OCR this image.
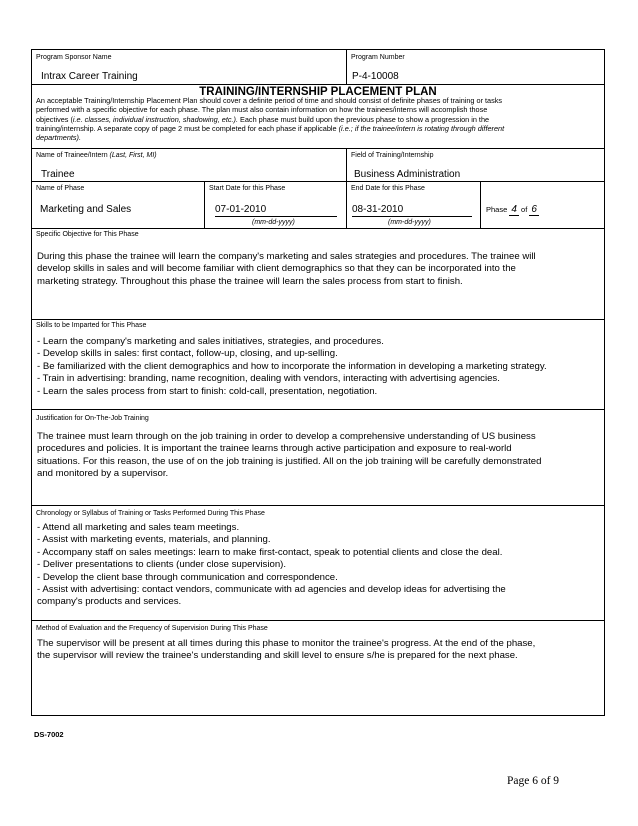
Program Sponsor Name
Intrax Career Training
Program Number
P-4-10008
TRAINING/INTERNSHIP PLACEMENT PLAN
An acceptable Training/Internship Placement Plan should cover a definite period of time and should consist of definite phases of training or tasks
performed with a specific objective for each phase. The plan must also contain information on how the trainees/interns will accomplish those
objectives (i.e. classes, individual instruction, shadowing, etc.). Each phase must build upon the previous phase to show a progression in the
training/internship. A separate copy of page 2 must be completed for each phase if applicable (i.e.; if the trainee/intern is rotating through different
departments).
Name of Trainee/Intern (Last, First, MI)
Trainee
Field of Training/Internship
Business Administration
Name of Phase
Marketing and Sales
Start Date for this Phase
07-01-2010
(mm-dd-yyyy)
End Date for this Phase
08-31-2010
(mm-dd-yyyy)
Phase 4 of 6
Specific Objective for This Phase
During this phase the trainee will learn the company's marketing and sales strategies and procedures. The trainee will
develop skills in sales and will become familiar with client demographics so that they can be incorporated into the
marketing strategy. Throughout this phase the trainee will learn the sales process from start to finish.
Skills to be Imparted for This Phase
- Learn the company's marketing and sales initiatives, strategies, and procedures.
- Develop skills in sales: first contact, follow-up, closing, and up-selling.
- Be familiarized with the client demographics and how to incorporate the information in developing a marketing strategy.
- Train in advertising: branding, name recognition, dealing with vendors, interacting with advertising agencies.
- Learn the sales process from start to finish: cold-call, presentation, negotiation.
Justification for On-The-Job Training
The trainee must learn through on the job training in order to develop a comprehensive understanding of US business
procedures and policies. It is important the trainee learns through active participation and exposure to real-world
situations. For this reason, the use of on the job training is justified. All on the job training will be carefully demonstrated
and monitored by a supervisor.
Chronology or Syllabus of Training or Tasks Performed During This Phase
- Attend all marketing and sales team meetings.
- Assist with marketing events, materials, and planning.
- Accompany staff on sales meetings: learn to make first-contact, speak to potential clients and close the deal.
- Deliver presentations to clients (under close supervision).
- Develop the client base through communication and correspondence.
- Assist with advertising: contact vendors, communicate with ad agencies and develop ideas for advertising the
company's products and services.
Method of Evaluation and the Frequency of Supervision During This Phase
The supervisor will be present at all times during this phase to monitor the trainee's progress. At the end of the phase,
the supervisor will review the trainee's understanding and skill level to ensure s/he is prepared for the next phase.
DS-7002
Page 6 of 9
